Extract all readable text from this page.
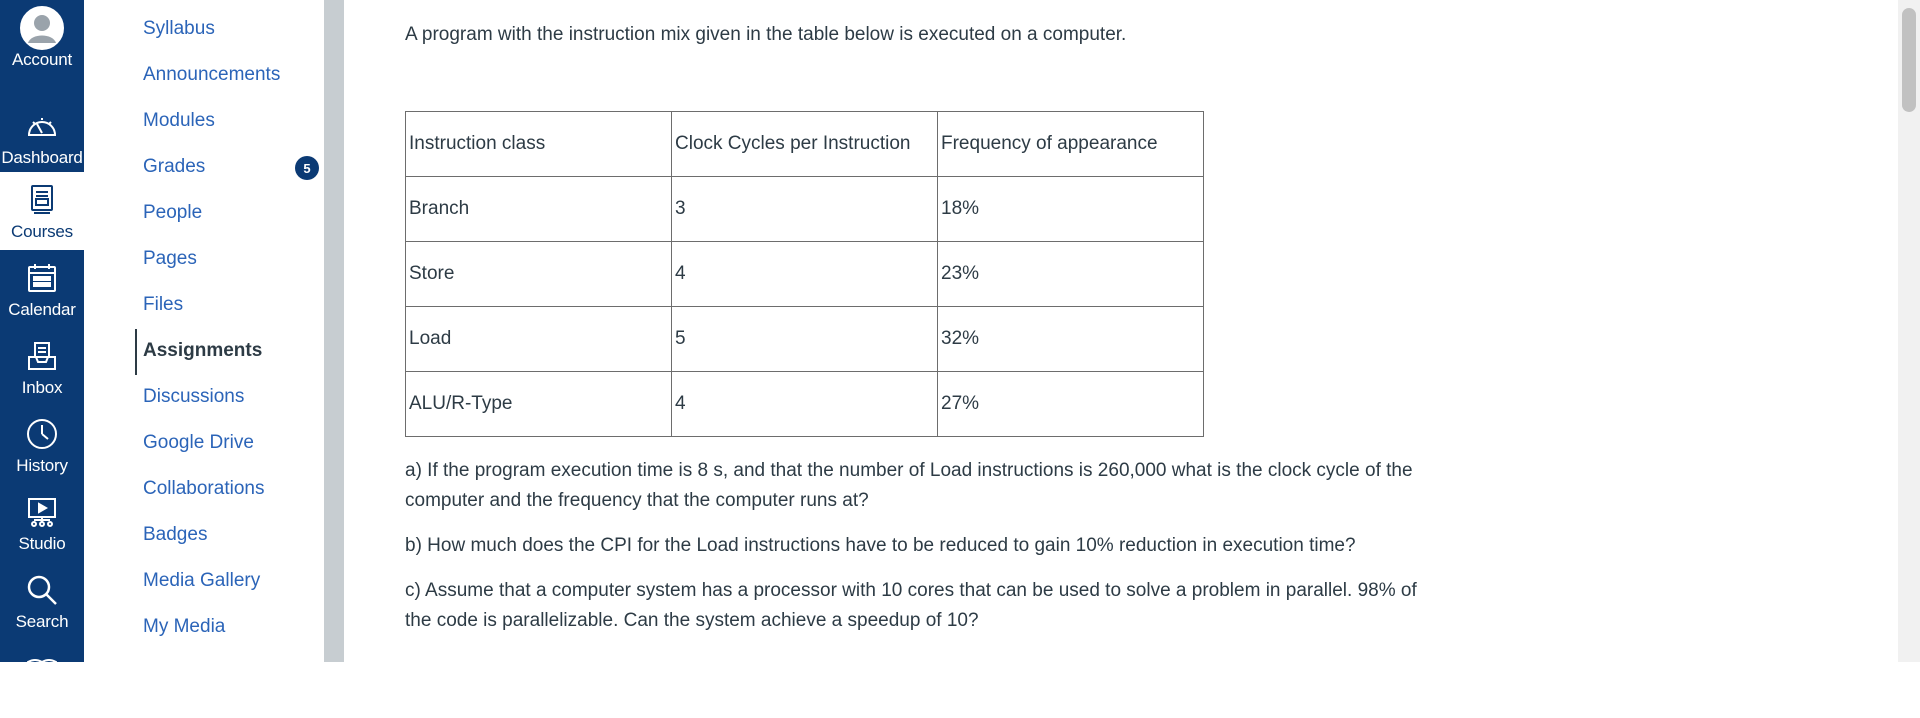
Account
Dashboard
Courses
Calendar
Inbox
History
Studio
Search
Syllabus
Announcements
Modules
Grades	5
People
Pages
Files
Assignments
Discussions
Google Drive
Collaborations
Badges
Media Gallery
My Media
A program with the instruction mix given in the table below is executed on a computer.
Instruction class	Clock Cycles per Instruction	Frequency of appearance
Branch	3	18%
Store	4	23%
Load	5	32%
ALU/R-Type	4	27%
a) If the program execution time is 8 s, and that the number of Load instructions is 260,000 what is the clock cycle of the
computer and the frequency that the computer runs at?
b) How much does the CPI for the Load instructions have to be reduced to gain 10% reduction in execution time?
c) Assume that a computer system has a processor with 10 cores that can be used to solve a problem in parallel. 98% of
the code is parallelizable. Can the system achieve a speedup of 10?
